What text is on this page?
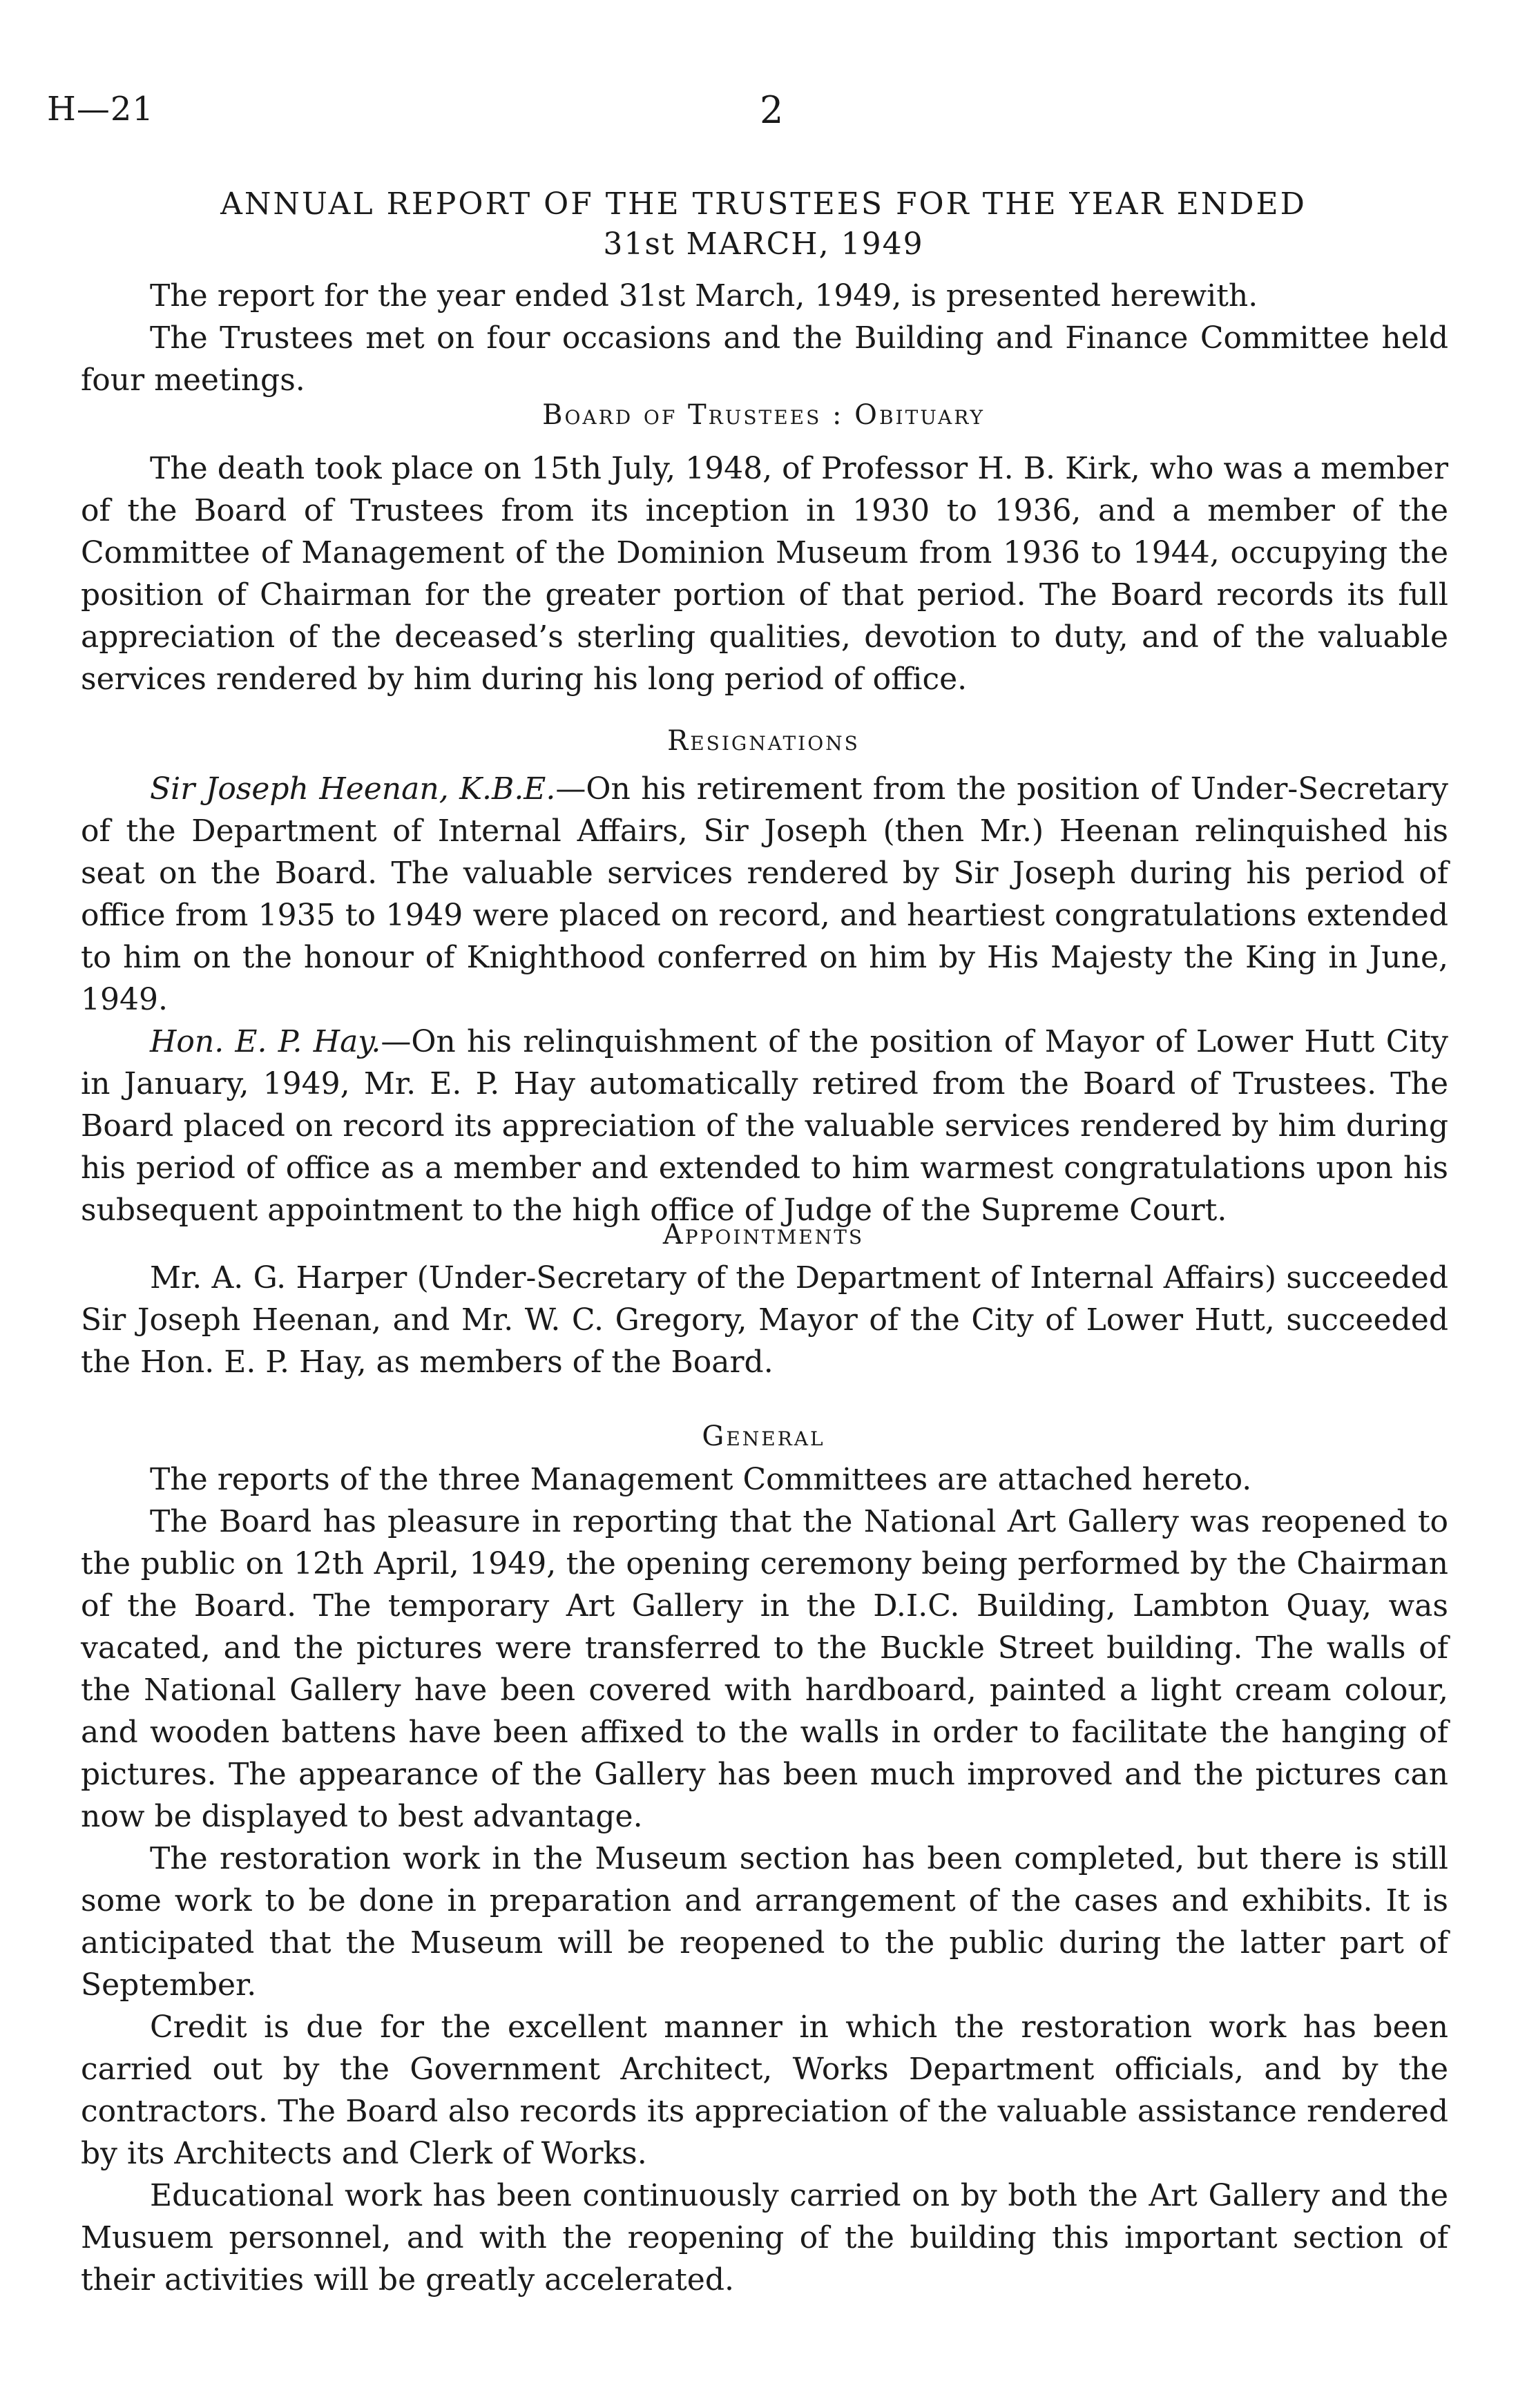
H—21	2
ANNUAL REPORT OF THE TRUSTEES FOR THE YEAR ENDED
31st MARCH, 1949

The report for the year ended 31st March, 1949, is presented herewith.

The Trustees met on four occasions and the Building and Finance Committee held four meetings.

Board of Trustees : Obituary

The death took place on 15th July, 1948, of Professor H. B. Kirk, who was a member of the Board of Trustees from its inception in 1930 to 1936, and a member of the Committee of Management of the Dominion Museum from 1936 to 1944, occupying the position of Chairman for the greater portion of that period. The Board records its full appreciation of the deceased’s sterling qualities, devotion to duty, and of the valuable services rendered by him during his long period of office.

Resignations

Sir Joseph Heenan, K.B.E.—On his retirement from the position of Under-Secretary of the Department of Internal Affairs, Sir Joseph (then Mr.) Heenan relinquished his seat on the Board. The valuable services rendered by Sir Joseph during his period of office from 1935 to 1949 were placed on record, and heartiest congratulations extended to him on the honour of Knighthood conferred on him by His Majesty the King in June, 1949.

Hon. E. P. Hay.—On his relinquishment of the position of Mayor of Lower Hutt City in January, 1949, Mr. E. P. Hay automatically retired from the Board of Trustees. The Board placed on record its appreciation of the valuable services rendered by him during his period of office as a member and extended to him warmest congratulations upon his subsequent appointment to the high office of Judge of the Supreme Court.

Appointments

Mr. A. G. Harper (Under-Secretary of the Department of Internal Affairs) succeeded Sir Joseph Heenan, and Mr. W. C. Gregory, Mayor of the City of Lower Hutt, succeeded the Hon. E. P. Hay, as members of the Board.

General

The reports of the three Management Committees are attached hereto.

The Board has pleasure in reporting that the National Art Gallery was reopened to the public on 12th April, 1949, the opening ceremony being performed by the Chairman of the Board. The temporary Art Gallery in the D.I.C. Building, Lambton Quay, was vacated, and the pictures were transferred to the Buckle Street building. The walls of the National Gallery have been covered with hardboard, painted a light cream colour, and wooden battens have been affixed to the walls in order to facilitate the hanging of pictures. The appearance of the Gallery has been much improved and the pictures can now be displayed to best advantage.

The restoration work in the Museum section has been completed, but there is still some work to be done in preparation and arrangement of the cases and exhibits. It is anticipated that the Museum will be reopened to the public during the latter part of September.

Credit is due for the excellent manner in which the restoration work has been carried out by the Government Architect, Works Department officials, and by the contractors. The Board also records its appreciation of the valuable assistance rendered by its Architects and Clerk of Works.

Educational work has been continuously carried on by both the Art Gallery and the Musuem personnel, and with the reopening of the building this important section of their activities will be greatly accelerated.
